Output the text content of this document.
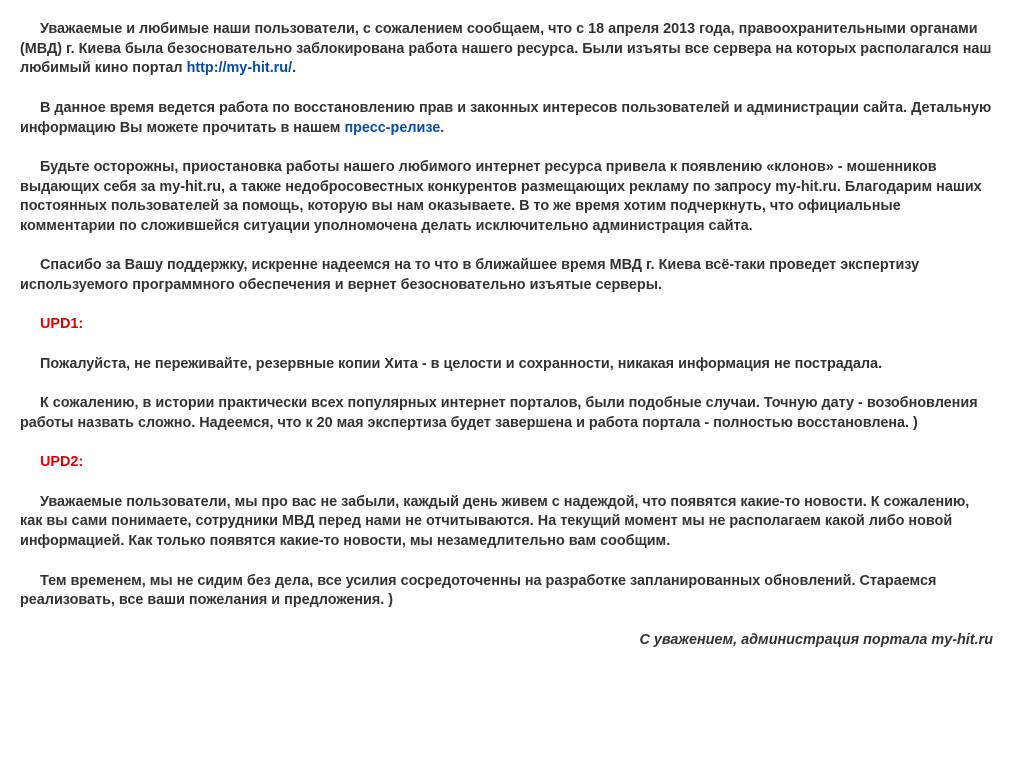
Уважаемые и любимые наши пользователи, с сожалением сообщаем, что с 18 апреля 2013 года, правоохранительными органами (МВД) г. Киева была безосновательно заблокирована работа нашего ресурса. Были изъяты все сервера на которых располагался наш любимый кино портал http://my-hit.ru/.

В данное время ведется работа по восстановлению прав и законных интересов пользователей и администрации сайта. Детальную информацию Вы можете прочитать в нашем пресс-релизе.

Будьте осторожны, приостановка работы нашего любимого интернет ресурса привела к появлению «клонов» - мошенников выдающих себя за my-hit.ru, а также недобросовестных конкурентов размещающих рекламу по запросу my-hit.ru. Благодарим наших постоянных пользователей за помощь, которую вы нам оказываете. В то же время хотим подчеркнуть, что официальные комментарии по сложившейся ситуации уполномочена делать исключительно администрация сайта.

Спасибо за Вашу поддержку, искренне надеемся на то что в ближайшее время МВД г. Киева всё-таки проведет экспертизу используемого программного обеспечения и вернет безосновательно изъятые серверы.

UPD1:

Пожалуйста, не переживайте, резервные копии Хита - в целости и сохранности, никакая информация не пострадала.

К сожалению, в истории практически всех популярных интернет порталов, были подобные случаи. Точную дату - возобновления работы назвать сложно. Надеемся, что к 20 мая экспертиза будет завершена и работа портала - полностью восстановлена. )

UPD2:

Уважаемые пользователи, мы про вас не забыли, каждый день живем с надеждой, что появятся какие-то новости. К сожалению, как вы сами понимаете, сотрудники МВД перед нами не отчитываются. На текущий момент мы не располагаем какой либо новой информацией. Как только появятся какие-то новости, мы незамедлительно вам сообщим.

Тем временем, мы не сидим без дела, все усилия сосредоточенны на разработке запланированных обновлений. Стараемся реализовать, все ваши пожелания и предложения. )

С уважением, администрация портала my-hit.ru
